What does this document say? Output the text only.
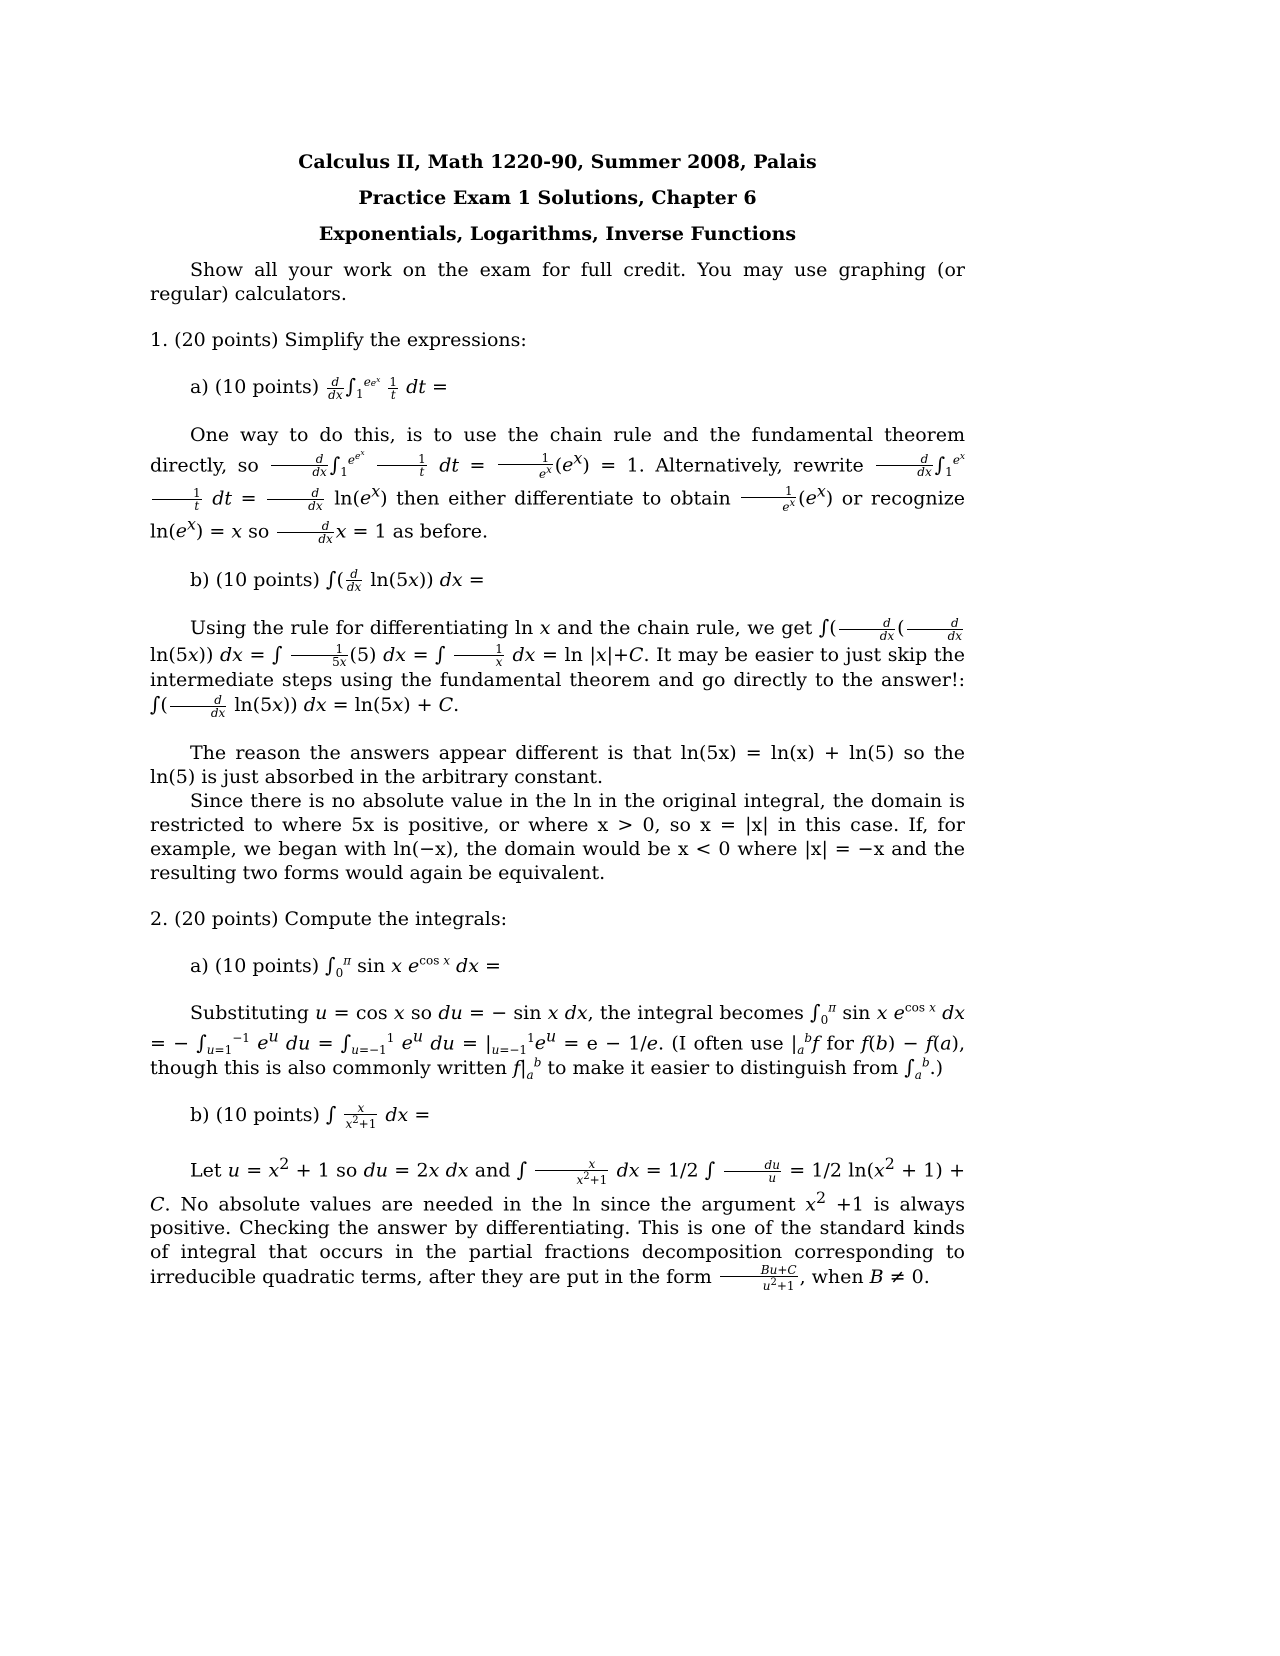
Calculus II, Math 1220-90, Summer 2008, Palais
Practice Exam 1 Solutions, Chapter 6
Exponentials, Logarithms, Inverse Functions

Show all your work on the exam for full credit. You may use graphing (or regular) calculators.

1. (20 points) Simplify the expressions:

a) (10 points) $\frac{d}{dx} \int_1^{ee^x} \frac{1}{t}$ dt =

One way to do this, is to use the chain rule and the fundamental theorem directly, so $\frac{d}{dx} \int_1^{e^{e^x}}$
$\frac{1}{t}$ dt = $\frac{1}{e^x} (e^x) = 1$. Alternatively, rewrite $\frac{d}{dx} \int_1^{e^x}$
$\frac{1}{t}$ dt = $\frac{d}{dx} \ln(e^x)$ then either differentiate to obtain $\frac{1}{e^x} (e^x)$ or recognize $\ln(e^x) = x$ so $\frac{d}{dx}$ x = 1 as before.

b) (10 points) ∫( $\frac{d}{dx} \ln(5x)$) dx =

Using the rule for differentiating ln x and the chain rule, we get ∫( $\frac{d}{dx}$ ( $\frac{d}{dx}$
ln(5x)) dx = ∫ $\frac{1}{5x} (5)$ dx = ∫ $\frac{1}{x}$ dx = ln |x|+C. It may be easier to just skip the intermediate steps using the fundamental theorem and go directly to the answer!: ∫( $\frac{d}{dx} \ln(5x)$) dx = ln(5x) + C.

The reason the answers appear different is that ln(5x) = ln(x) + ln(5) so the ln(5) is just absorbed in the arbitrary constant.

Since there is no absolute value in the ln in the original integral, the domain is restricted to where 5x is positive, or where x > 0, so x = |x| in this case. If, for example, we began with ln(−x), the domain would be x < 0 where |x| = −x and the resulting two forms would again be equivalent.

2. (20 points) Compute the integrals:

a) (10 points) $\int_0^\pi$ sin x $e^{cos x}$ dx =

Substituting u = cos x so du = − sin x dx, the integral becomes $\int_0^\pi$ sin x $e^{cos x}$ dx = − $\int_{u=1}^{-1}$ $e^u$ du = $\int_{u=-1}^1$ $e^u$ du = $|_{u=-1}^1e^u = e - 1/e$. (I often use $|_a^bf$ for f(b) − f(a), though this is also commonly written $f|_a^b$ to make it easier to distinguish from $\int_a^b$.)

b) (10 points) ∫ $\frac{x}{x^2+1}$ dx =

Let $u = x^2 + 1$ so du = 2x dx and ∫ $\frac{x}{x^2+1}$ dx = 1/2 ∫ $\frac{du}{u} = 1/2$ $\ln(x^2 + 1) + C$. No absolute values are needed in the ln since the argument $x^2 +1$ is always positive. Checking the answer by differentiating. This is one of the standard kinds of integral that occurs in the partial fractions decomposition corresponding to irreducible quadratic terms, after they are put in the form $\frac{Bu+C}{u^2+1}$ , when B ≠ 0.
